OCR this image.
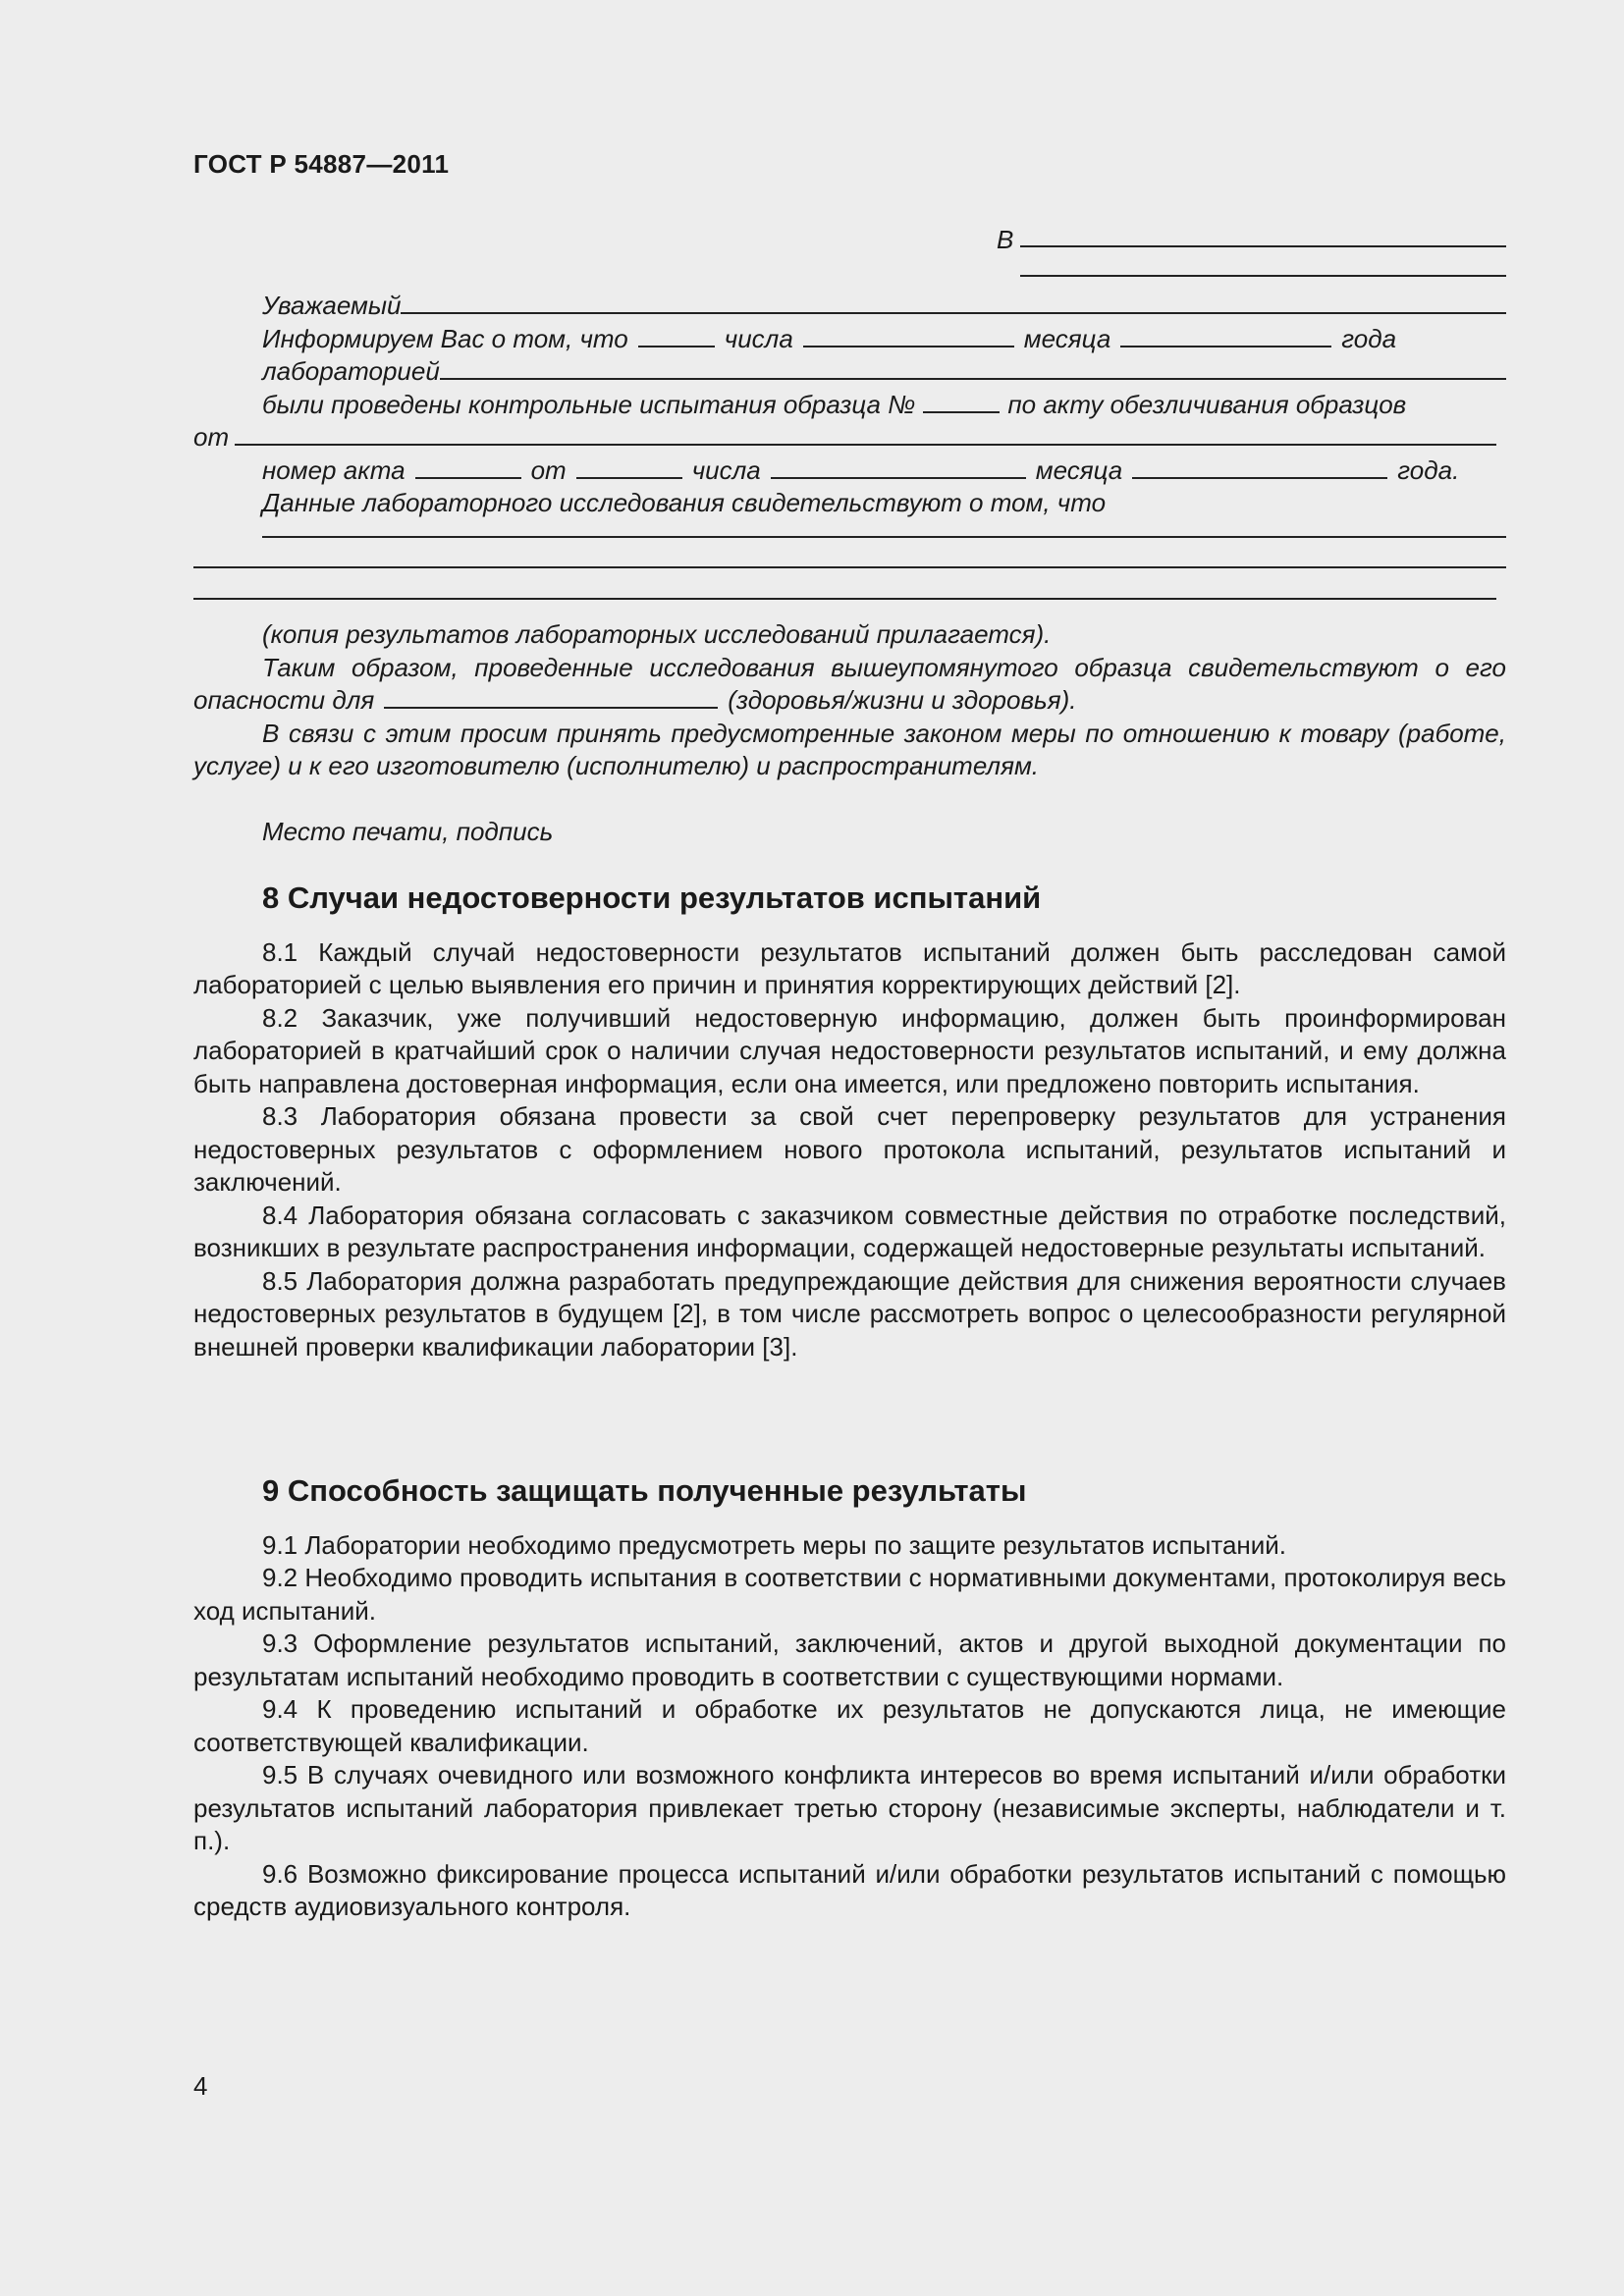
ГОСТ Р 54887—2011
В
Уважаемый
Информируем Вас о том, что	числа	месяца	года
лабораторией
были проведены контрольные испытания образца №	по акту обезличивания образцов
от
номер акта	от	числа	месяца	года.
Данные лабораторного исследования свидетельствуют о том, что
(копия результатов лабораторных исследований прилагается).
Таким образом, проведенные исследования вышеупомянутого образца свидетельствуют о его
опасности для	(здоровья/жизни и здоровья).

В связи с этим просим принять предусмотренные законом меры по отношению к товару (работе, услуге) и к его изготовителю (исполнителю) и распространителям.

Место печати, подпись
8 Случаи недостоверности результатов испытаний

8.1 Каждый случай недостоверности результатов испытаний должен быть расследован самой лабораторией с целью выявления его причин и принятия корректирующих действий [2].

8.2 Заказчик, уже получивший недостоверную информацию, должен быть проинформирован лабораторией в кратчайший срок о наличии случая недостоверности результатов испытаний, и ему должна быть направлена достоверная информация, если она имеется, или предложено повторить испытания.

8.3 Лаборатория обязана провести за свой счет перепроверку результатов для устранения недостоверных результатов с оформлением нового протокола испытаний, результатов испытаний и заключений.

8.4 Лаборатория обязана согласовать с заказчиком совместные действия по отработке последствий, возникших в результате распространения информации, содержащей недостоверные результаты испытаний.

8.5 Лаборатория должна разработать предупреждающие действия для снижения вероятности случаев недостоверных результатов в будущем [2], в том числе рассмотреть вопрос о целесообразности регулярной внешней проверки квалификации лаборатории [3].

9 Способность защищать полученные результаты

9.1 Лаборатории необходимо предусмотреть меры по защите результатов испытаний.

9.2 Необходимо проводить испытания в соответствии с нормативными документами, протоколируя весь ход испытаний.

9.3 Оформление результатов испытаний, заключений, актов и другой выходной документации по результатам испытаний необходимо проводить в соответствии с существующими нормами.

9.4 К проведению испытаний и обработке их результатов не допускаются лица, не имеющие соответствующей квалификации.

9.5 В случаях очевидного или возможного конфликта интересов во время испытаний и/или обработки результатов испытаний лаборатория привлекает третью сторону (независимые эксперты, наблюдатели и т. п.).

9.6 Возможно фиксирование процесса испытаний и/или обработки результатов испытаний с помощью средств аудиовизуального контроля.

4
